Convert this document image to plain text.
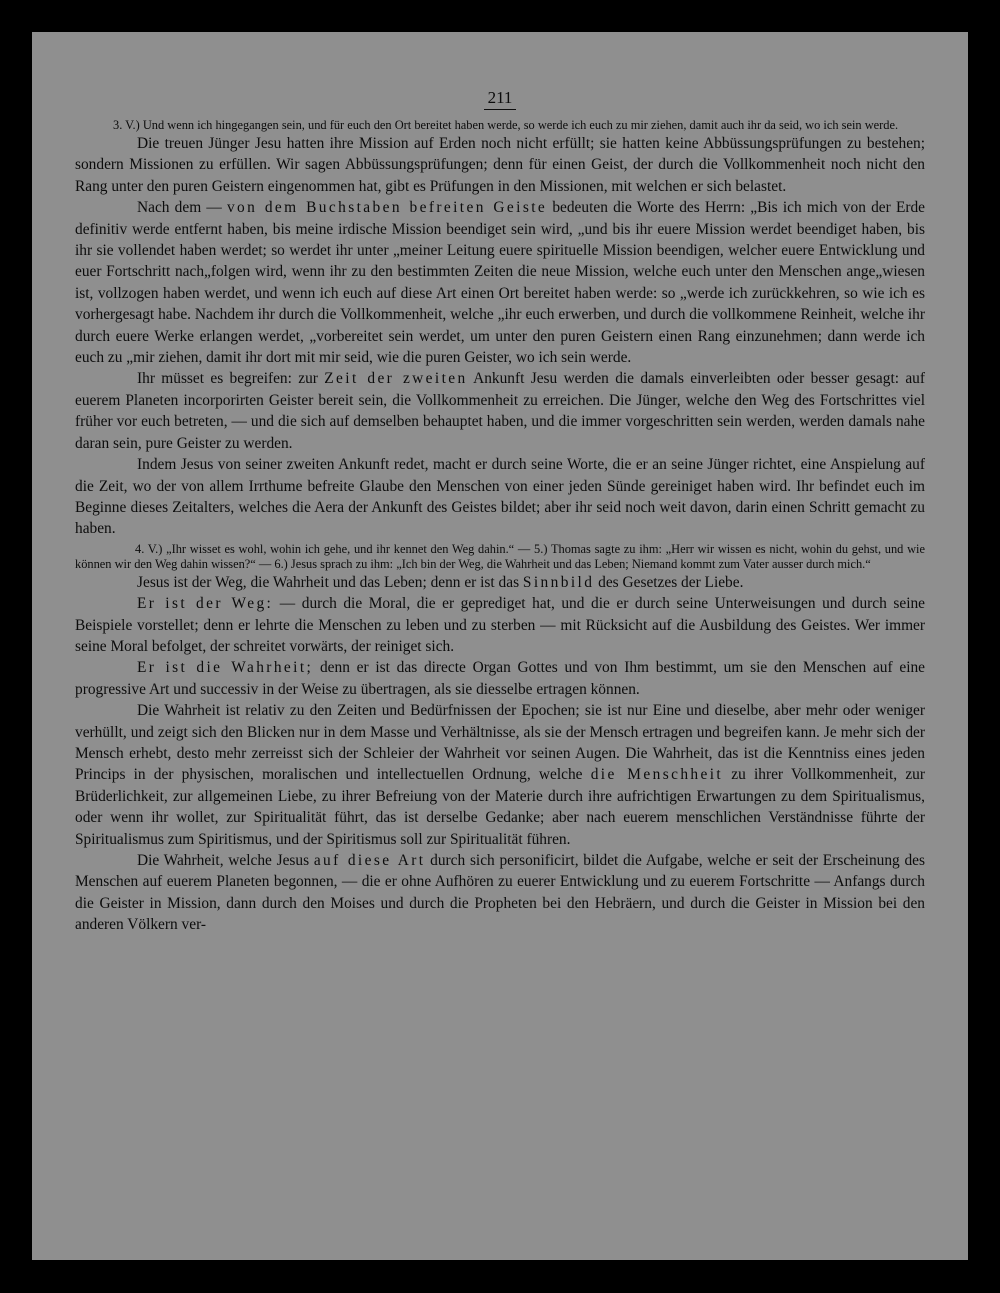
211
3. V.) Und wenn ich hingegangen sein, und für euch den Ort bereitet haben werde, so werde ich euch zu mir ziehen, damit auch ihr da seid, wo ich sein werde.

Die treuen Jünger Jesu hatten ihre Mission auf Erden noch nicht erfüllt; sie hatten keine Abbüssungsprüfungen zu bestehen; sondern Missionen zu erfüllen. Wir sagen Abbüssungsprüfungen; denn für einen Geist, der durch die Vollkommenheit noch nicht den Rang unter den puren Geistern eingenommen hat, gibt es Prüfungen in den Missionen, mit welchen er sich belastet.

Nach dem — von dem Buchstaben befreiten Geiste bedeuten die Worte des Herrn: „Bis ich mich von der Erde definitiv werde entfernt haben, bis meine irdische Mission beendiget sein wird, „und bis ihr euere Mission werdet beendiget haben, bis ihr sie vollendet haben werdet; so werdet ihr unter „meiner Leitung euere spirituelle Mission beendigen, welcher euere Entwicklung und euer Fortschritt nach„folgen wird, wenn ihr zu den bestimmten Zeiten die neue Mission, welche euch unter den Menschen ange„wiesen ist, vollzogen haben werdet, und wenn ich euch auf diese Art einen Ort bereitet haben werde: so „werde ich zurückkehren, so wie ich es vorhergesagt habe. Nachdem ihr durch die Vollkommenheit, welche „ihr euch erwerben, und durch die vollkommene Reinheit, welche ihr durch euere Werke erlangen werdet, „vorbereitet sein werdet, um unter den puren Geistern einen Rang einzunehmen; dann werde ich euch zu „mir ziehen, damit ihr dort mit mir seid, wie die puren Geister, wo ich sein werde.

Ihr müsset es begreifen: zur Zeit der zweiten Ankunft Jesu werden die damals einverleibten oder besser gesagt: auf euerem Planeten incorporirten Geister bereit sein, die Vollkommenheit zu erreichen. Die Jünger, welche den Weg des Fortschrittes viel früher vor euch betreten, — und die sich auf demselben behauptet haben, und die immer vorgeschritten sein werden, werden damals nahe daran sein, pure Geister zu werden.

Indem Jesus von seiner zweiten Ankunft redet, macht er durch seine Worte, die er an seine Jünger richtet, eine Anspielung auf die Zeit, wo der von allem Irrthume befreite Glaube den Menschen von einer jeden Sünde gereiniget haben wird. Ihr befindet euch im Beginne dieses Zeitalters, welches die Aera der Ankunft des Geistes bildet; aber ihr seid noch weit davon, darin einen Schritt gemacht zu haben.

4. V.) „Ihr wisset es wohl, wohin ich gehe, und ihr kennet den Weg dahin.“ — 5.) Thomas sagte zu ihm: „Herr wir wissen es nicht, wohin du gehst, und wie können wir den Weg dahin wissen?“ — 6.) Jesus sprach zu ihm: „Ich bin der Weg, die Wahrheit und das Leben; Niemand kommt zum Vater ausser durch mich.“

Jesus ist der Weg, die Wahrheit und das Leben; denn er ist das Sinnbild des Gesetzes der Liebe.

Er ist der Weg: — durch die Moral, die er geprediget hat, und die er durch seine Unterweisungen und durch seine Beispiele vorstellet; denn er lehrte die Menschen zu leben und zu sterben — mit Rücksicht auf die Ausbildung des Geistes. Wer immer seine Moral befolget, der schreitet vorwärts, der reiniget sich.

Er ist die Wahrheit; denn er ist das directe Organ Gottes und von Ihm bestimmt, um sie den Menschen auf eine progressive Art und successiv in der Weise zu übertragen, als sie diesselbe ertragen können.

Die Wahrheit ist relativ zu den Zeiten und Bedürfnissen der Epochen; sie ist nur Eine und dieselbe, aber mehr oder weniger verhüllt, und zeigt sich den Blicken nur in dem Masse und Verhältnisse, als sie der Mensch ertragen und begreifen kann. Je mehr sich der Mensch erhebt, desto mehr zerreisst sich der Schleier der Wahrheit vor seinen Augen. Die Wahrheit, das ist die Kenntniss eines jeden Princips in der physischen, moralischen und intellectuellen Ordnung, welche die Menschheit zu ihrer Vollkommenheit, zur Brüderlichkeit, zur allgemeinen Liebe, zu ihrer Befreiung von der Materie durch ihre aufrichtigen Erwartungen zu dem Spiritualismus, oder wenn ihr wollet, zur Spiritualität führt, das ist derselbe Gedanke; aber nach euerem menschlichen Verständnisse führte der Spiritualismus zum Spiritismus, und der Spiritismus soll zur Spiritualität führen.

Die Wahrheit, welche Jesus auf diese Art durch sich personificirt, bildet die Aufgabe, welche er seit der Erscheinung des Menschen auf euerem Planeten begonnen, — die er ohne Aufhören zu euerer Entwicklung und zu euerem Fortschritte — Anfangs durch die Geister in Mission, dann durch den Moises und durch die Propheten bei den Hebräern, und durch die Geister in Mission bei den anderen Völkern ver-
